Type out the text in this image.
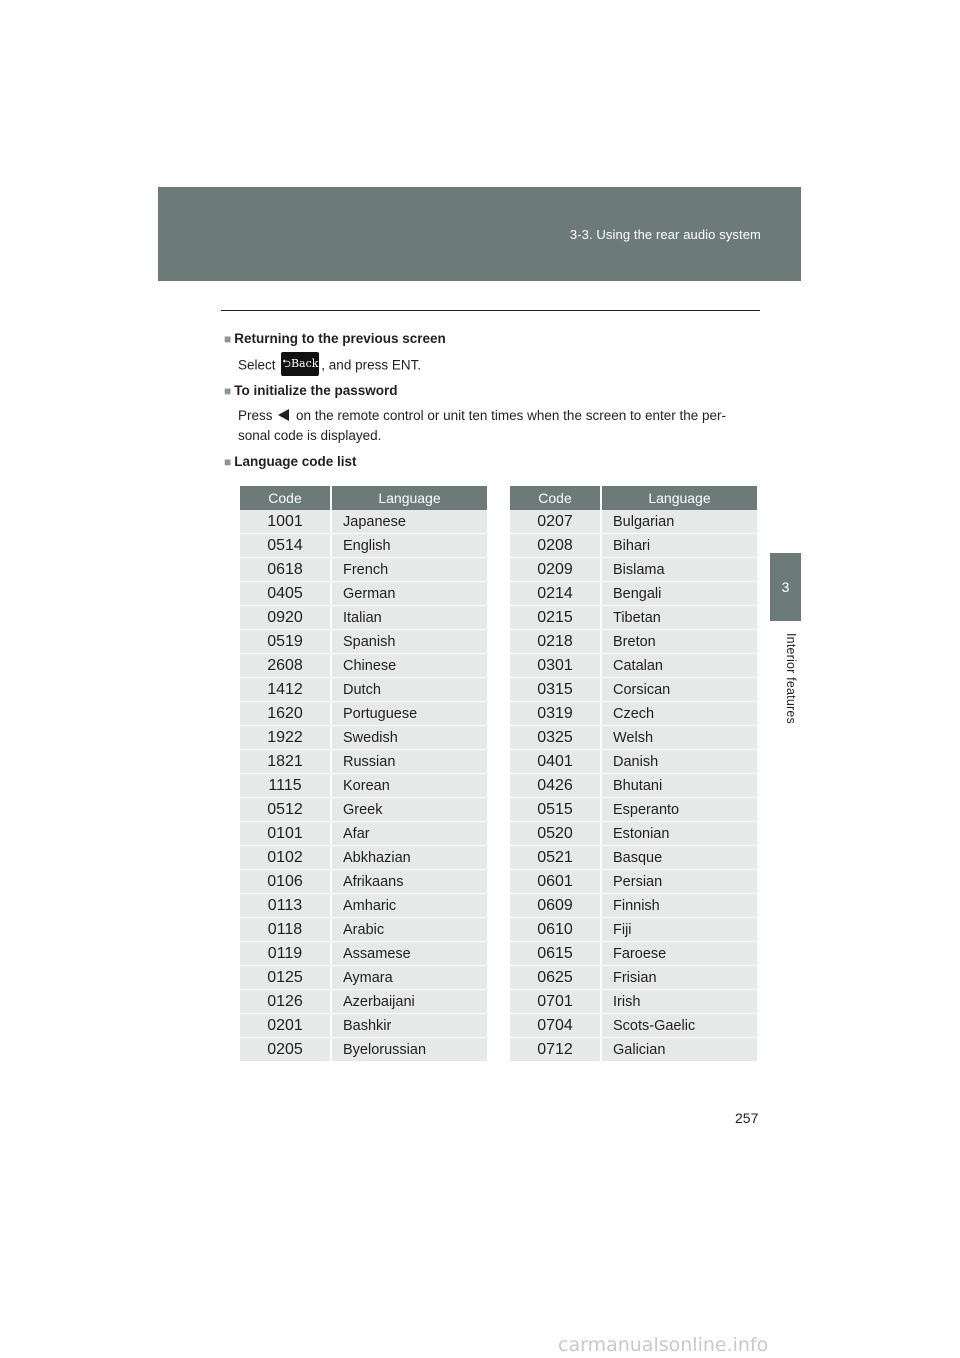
3-3. Using the rear audio system
3
Interior features
■ Returning to the previous screen
Select ⮌Back , and press ENT.
■ To initialize the password
Press on the remote control or unit ten times when the screen to enter the per-sonal code is displayed.
■ Language code list
Code	Language
1001	Japanese
0514	English
0618	French
0405	German
0920	Italian
0519	Spanish
2608	Chinese
1412	Dutch
1620	Portuguese
1922	Swedish
1821	Russian
1115	Korean
0512	Greek
0101	Afar
0102	Abkhazian
0106	Afrikaans
0113	Amharic
0118	Arabic
0119	Assamese
0125	Aymara
0126	Azerbaijani
0201	Bashkir
0205	Byelorussian
Code	Language
0207	Bulgarian
0208	Bihari
0209	Bislama
0214	Bengali
0215	Tibetan
0218	Breton
0301	Catalan
0315	Corsican
0319	Czech
0325	Welsh
0401	Danish
0426	Bhutani
0515	Esperanto
0520	Estonian
0521	Basque
0601	Persian
0609	Finnish
0610	Fiji
0615	Faroese
0625	Frisian
0701	Irish
0704	Scots-Gaelic
0712	Galician
257
carmanualsonline.info
